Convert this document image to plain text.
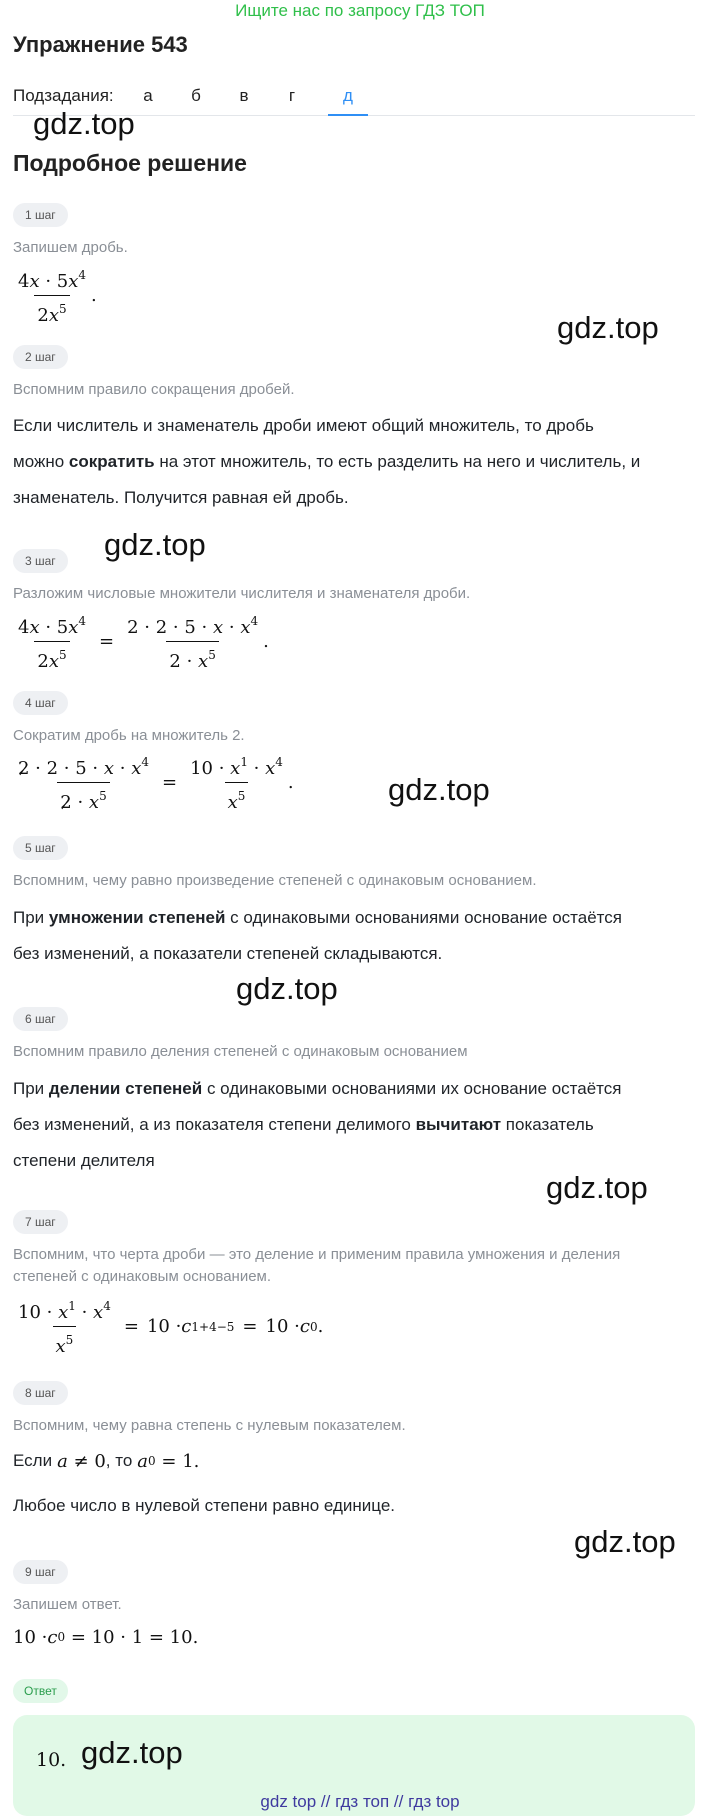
Ищите нас по запросу ГДЗ ТОП
Упражнение 543
Подзадания:	а	б	в	г	д
gdz.top
Подробное решение
1 шаг
Запишем дробь.
$\frac{4x \cdot 5x^4}{2x^5}$ .
gdz.top
2 шаг
Вспомним правило сокращения дробей.
Если числитель и знаменатель дроби имеют общий множитель, то дробь
можно сократить на этот множитель, то есть разделить на него и числитель, и
знаменатель. Получится равная ей дробь.
gdz.top
3 шаг
Разложим числовые множители числителя и знаменателя дроби.
$\frac{4x \cdot 5x^4}{2x^5} = \frac{2 \cdot 2 \cdot 5 \cdot x \cdot x^4}{2 \cdot x^5}$ .
4 шаг
Сократим дробь на множитель 2.
$\frac{2 \cdot 2 \cdot 5 \cdot x \cdot x^4}{2 \cdot x^5} = \frac{10 \cdot x^1 \cdot x^4}{x^5}$ .	gdz.top
5 шаг
Вспомним, чему равно произведение степеней с одинаковым основанием.
При умножении степеней с одинаковыми основаниями основание остаётся
без изменений, а показатели степеней складываются.
gdz.top
6 шаг
Вспомним правило деления степеней с одинаковым основанием
При делении степеней с одинаковыми основаниями их основание остаётся
без изменений, а из показателя степени делимого вычитают показатель
степени делителя
gdz.top
7 шаг
Вспомним, что черта дроби — это деление и применим правила умножения и деления
степеней с одинаковым основанием.
$\frac{10 \cdot x^1 \cdot x^4}{x^5} = 10 \cdot c$ 1+4−5 = 10 · c 0 .
8 шаг
Вспомним, чему равна степень с нулевым показателем.
Если a ≠ 0 , то a 0 = 1.
Любое число в нулевой степени равно единице.
gdz.top
9 шаг
Запишем ответ.
10 · c 0 = 10 · 1 = 10.
Ответ
10. gdz.top
gdz top // гдз топ // гдз top
